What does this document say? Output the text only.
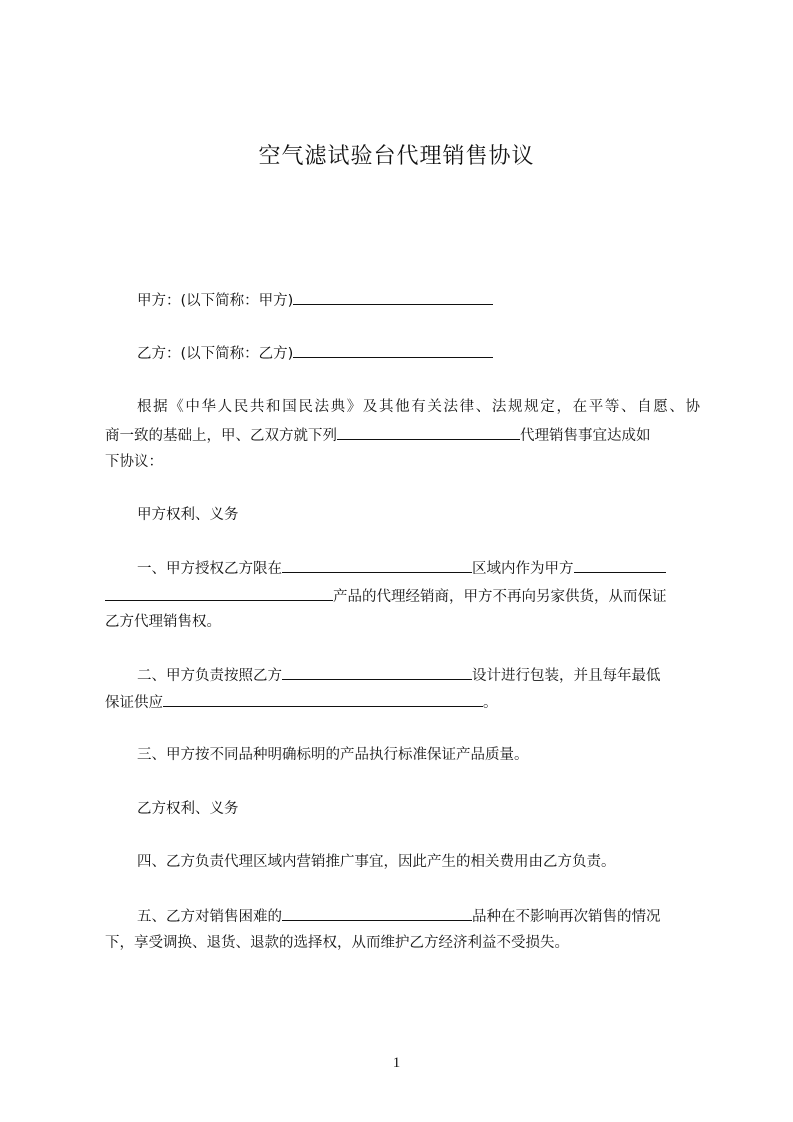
空气滤试验台代理销售协议
甲方：(以下简称：甲方)
乙方：(以下简称：乙方)
根据《中华人民共和国民法典》及其他有关法律、法规规定，在平等、自愿、协
商一致的基础上，甲、乙双方就下列	代理销售事宜达成如
下协议：
甲方权利、义务
一、甲方授权乙方限在	区域内作为甲方
产品的代理经销商，甲方不再向另家供货，从而保证
乙方代理销售权。
二、甲方负责按照乙方	设计进行包装，并且每年最低
保证供应	。
三、甲方按不同品种明确标明的产品执行标准保证产品质量。
乙方权利、义务
四、乙方负责代理区域内营销推广事宜，因此产生的相关费用由乙方负责。
五、乙方对销售困难的	品种在不影响再次销售的情况
下，享受调换、退货、退款的选择权，从而维护乙方经济利益不受损失。
1
